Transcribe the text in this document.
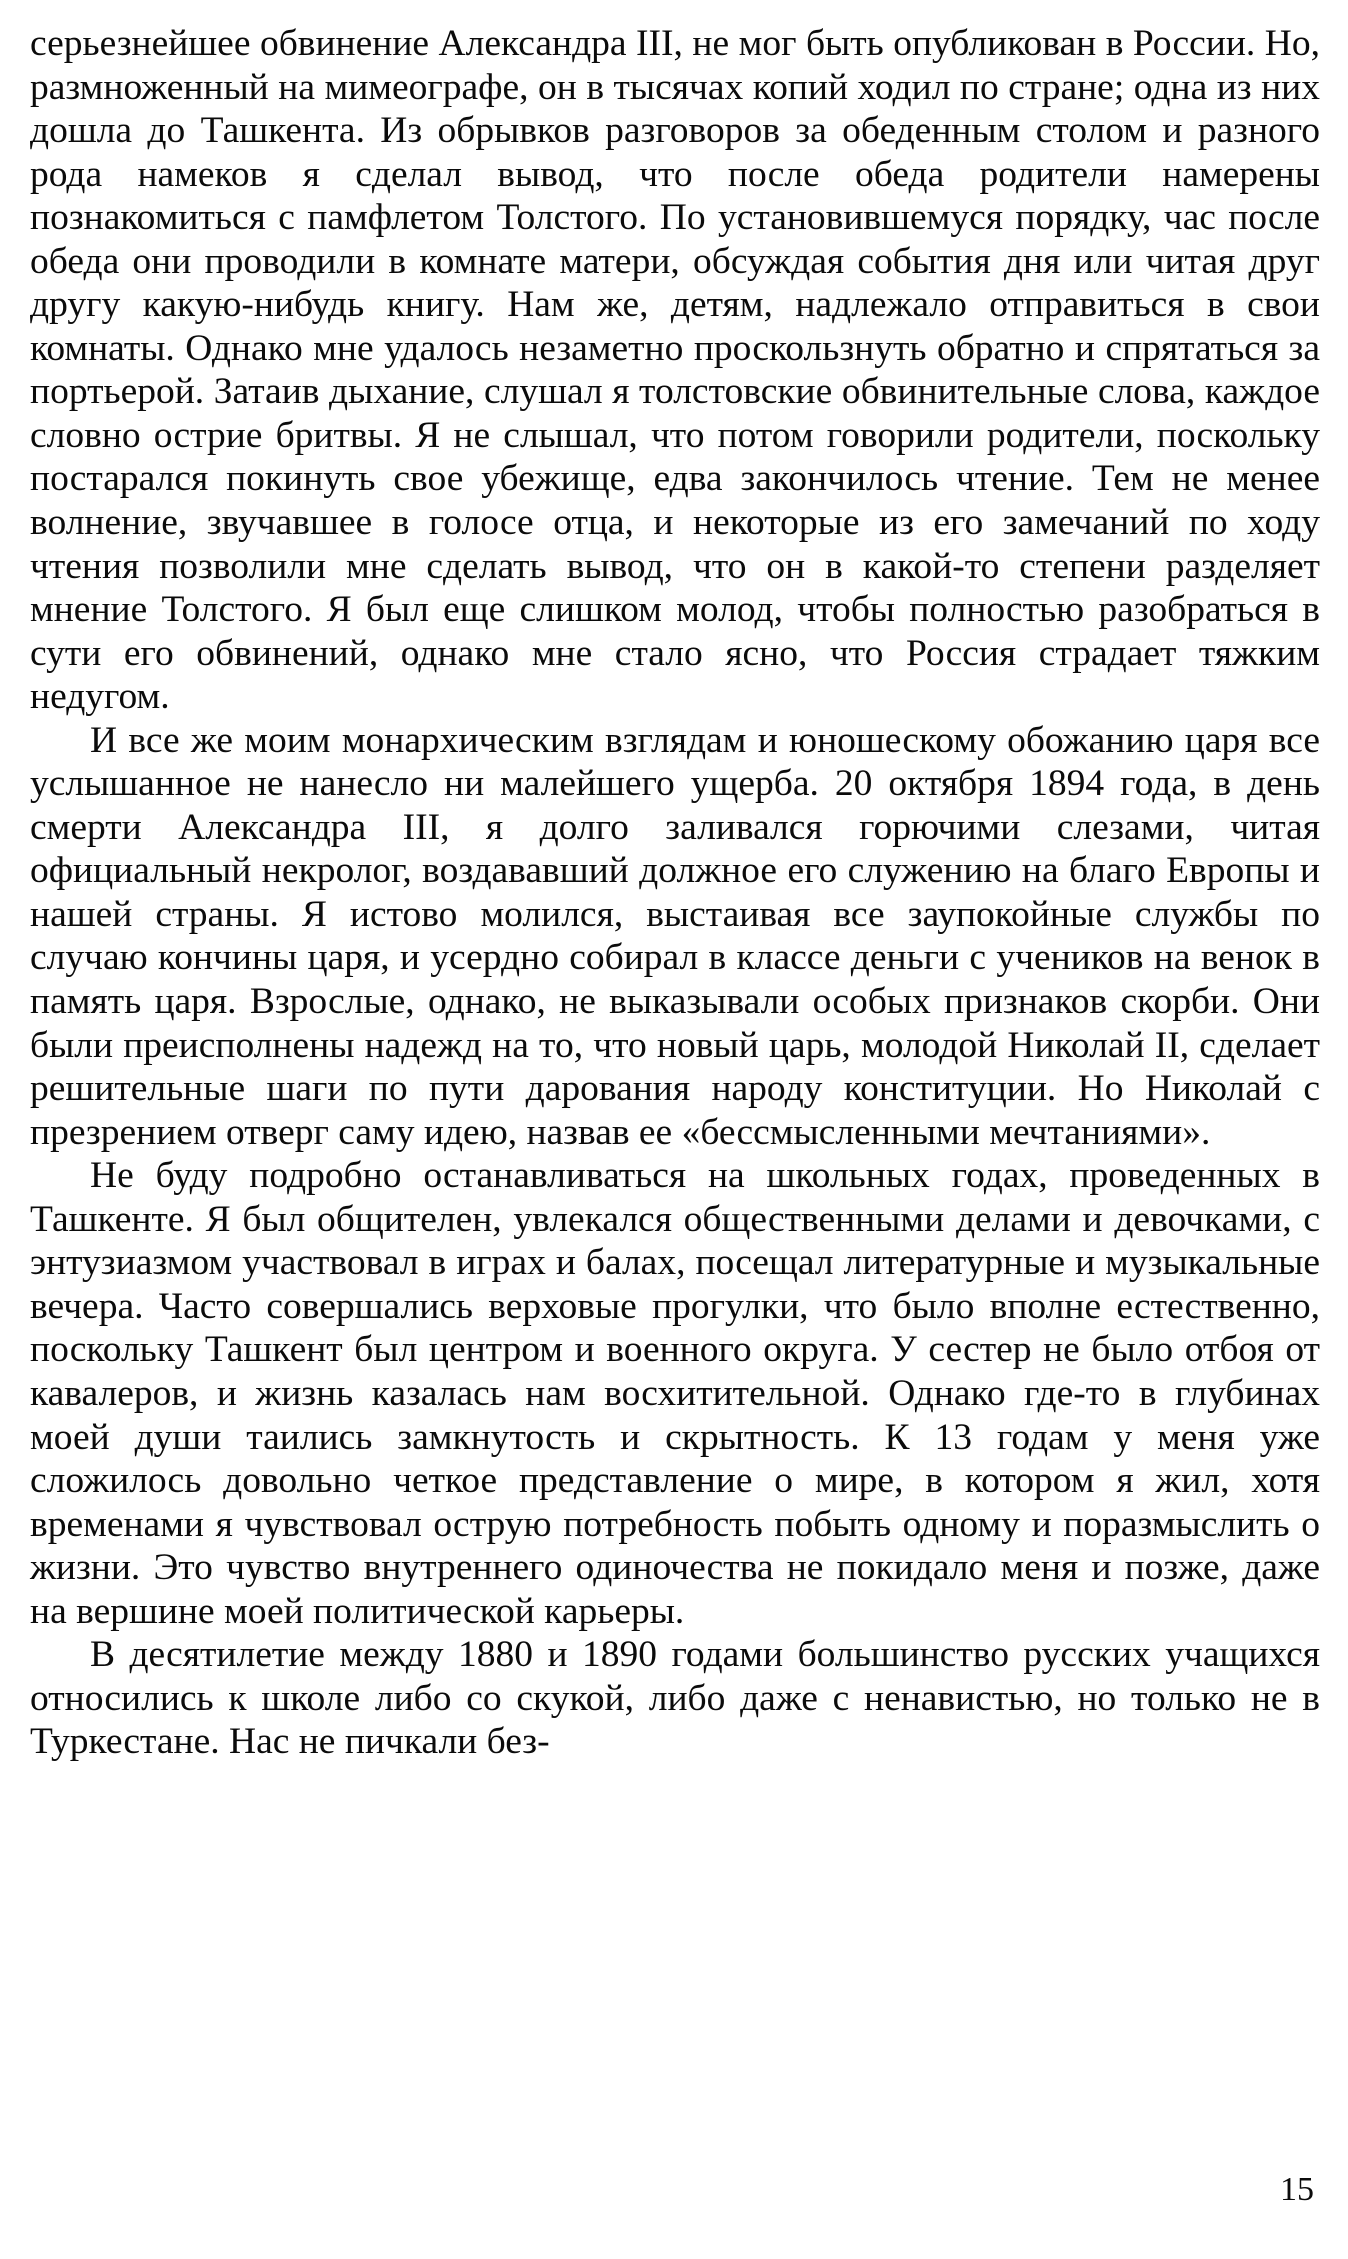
серьезнейшее обвинение Александра III, не мог быть опубликован в России. Но, размноженный на мимеографе, он в тысячах копий ходил по стране; одна из них дошла до Ташкента. Из обрывков разговоров за обеденным столом и разного рода намеков я сделал вывод, что после обеда родители намерены познакомиться с памфлетом Толстого. По установившемуся порядку, час после обеда они проводили в комнате матери, обсуждая события дня или читая друг другу какую-нибудь книгу. Нам же, детям, надлежало отправиться в свои комнаты. Однако мне удалось незаметно проскользнуть обратно и спрятаться за портьерой. Затаив дыхание, слушал я толстовские обвинительные слова, каждое словно острие бритвы. Я не слышал, что потом говорили родители, поскольку постарался покинуть свое убежище, едва закончилось чтение. Тем не менее волнение, звучавшее в голосе отца, и некоторые из его замечаний по ходу чтения позволили мне сделать вывод, что он в какой-то степени разделяет мнение Толстого. Я был еще слишком молод, чтобы полностью разобраться в сути его обвинений, однако мне стало ясно, что Россия страдает тяжким недугом.

И все же моим монархическим взглядам и юношескому обожанию царя все услышанное не нанесло ни малейшего ущерба. 20 октября 1894 года, в день смерти Александра III, я долго заливался горючими слезами, читая официальный некролог, воздававший должное его служению на благо Европы и нашей страны. Я истово молился, выстаивая все заупокойные службы по случаю кончины царя, и усердно собирал в классе деньги с учеников на венок в память царя. Взрослые, однако, не выказывали особых признаков скорби. Они были преисполнены надежд на то, что новый царь, молодой Николай II, сделает решительные шаги по пути дарования народу конституции. Но Николай с презрением отверг саму идею, назвав ее «бессмысленными мечтаниями».

Не буду подробно останавливаться на школьных годах, проведенных в Ташкенте. Я был общителен, увлекался общественными делами и девочками, с энтузиазмом участвовал в играх и балах, посещал литературные и музыкальные вечера. Часто совершались верховые прогулки, что было вполне естественно, поскольку Ташкент был центром и военного округа. У сестер не было отбоя от кавалеров, и жизнь казалась нам восхитительной. Однако где-то в глубинах моей души таились замкнутость и скрытность. К 13 годам у меня уже сложилось довольно четкое представление о мире, в котором я жил, хотя временами я чувствовал острую потребность побыть одному и поразмыслить о жизни. Это чувство внутреннего одиночества не покидало меня и позже, даже на вершине моей политической карьеры.

В десятилетие между 1880 и 1890 годами большинство русских учащихся относились к школе либо со скукой, либо даже с ненавистью, но только не в Туркестане. Нас не пичкали без-

15
